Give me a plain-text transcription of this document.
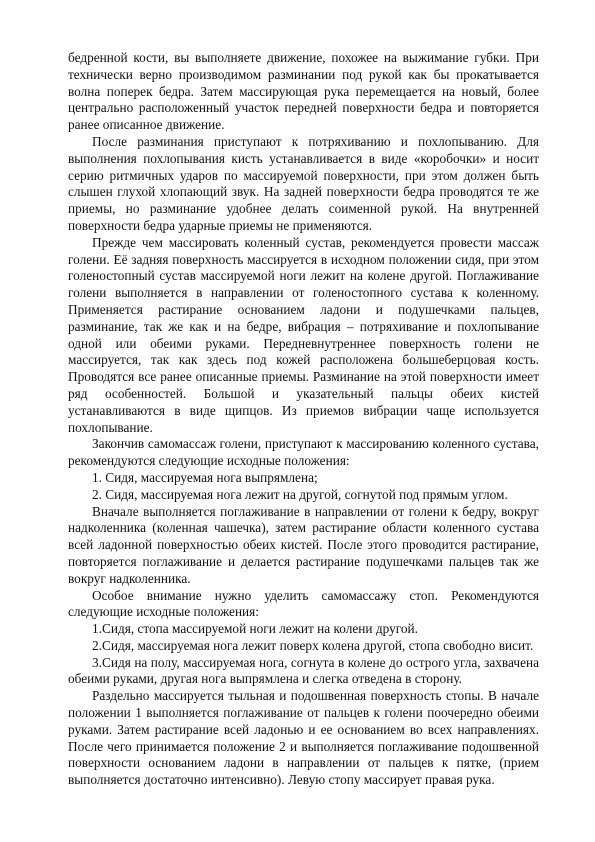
бедренной кости, вы выполняете движение, похожее на выжимание губки. При технически верно производимом разминании под рукой как бы прокатывается волна поперек бедра. Затем массирующая рука перемещается на новый, более центрально расположенный участок передней поверхности бедра и повторяется ранее описанное движение.

После разминания приступают к потряхиванию и похлопыванию. Для выполнения похлопывания кисть устанавливается в виде «коробочки» и носит серию ритмичных ударов по массируемой поверхности, при этом должен быть слышен глухой хлопающий звук. На задней поверхности бедра проводятся те же приемы, но разминание удобнее делать соименной рукой. На внутренней поверхности бедра ударные приемы не применяются.

Прежде чем массировать коленный сустав, рекомендуется провести массаж голени. Её задняя поверхность массируется в исходном положении сидя, при этом голеностопный сустав массируемой ноги лежит на колене другой. Поглаживание голени выполняется в направлении от голеностопного сустава к коленному. Применяется растирание основанием ладони и подушечками пальцев, разминание, так же как и на бедре, вибрация – потряхивание и похлопывание одной или обеими руками. Передневнутреннее поверхность голени не массируется, так как здесь под кожей расположена большеберцовая кость. Проводятся все ранее описанные приемы. Разминание на этой поверхности имеет ряд особенностей. Большой и указательный пальцы обеих кистей устанавливаются в виде щипцов. Из приемов вибрации чаще используется похлопывание.

Закончив самомассаж голени, приступают к массированию коленного сустава, рекомендуются следующие исходные положения:

1. Сидя, массируемая нога выпрямлена;

2. Сидя, массируемая нога лежит на другой, согнутой под прямым углом.

Вначале выполняется поглаживание в направлении от голени к бедру, вокруг надколенника (коленная чашечка), затем растирание области коленного сустава всей ладонной поверхностью обеих кистей. После этого проводится растирание, повторяется поглаживание и делается растирание подушечками пальцев так же вокруг надколенника.

Особое внимание нужно уделить самомассажу стоп. Рекомендуются следующие исходные положения:

1.Сидя, стопа массируемой ноги лежит на колени другой.

2.Сидя, массируемая нога лежит поверх колена другой, стопа свободно висит.

3.Сидя на полу, массируемая нога, согнута в колене до острого угла, захвачена обеими руками, другая нога выпрямлена и слегка отведена в сторону.

Раздельно массируется тыльная и подошвенная поверхность стопы. В начале положении 1 выполняется поглаживание от пальцев к голени поочередно обеими руками. Затем растирание всей ладонью и ее основанием во всех направлениях. После чего принимается положение 2 и выполняется поглаживание подошвенной поверхности основанием ладони в направлении от пальцев к пятке, (прием выполняется достаточно интенсивно). Левую стопу массирует правая рука.
